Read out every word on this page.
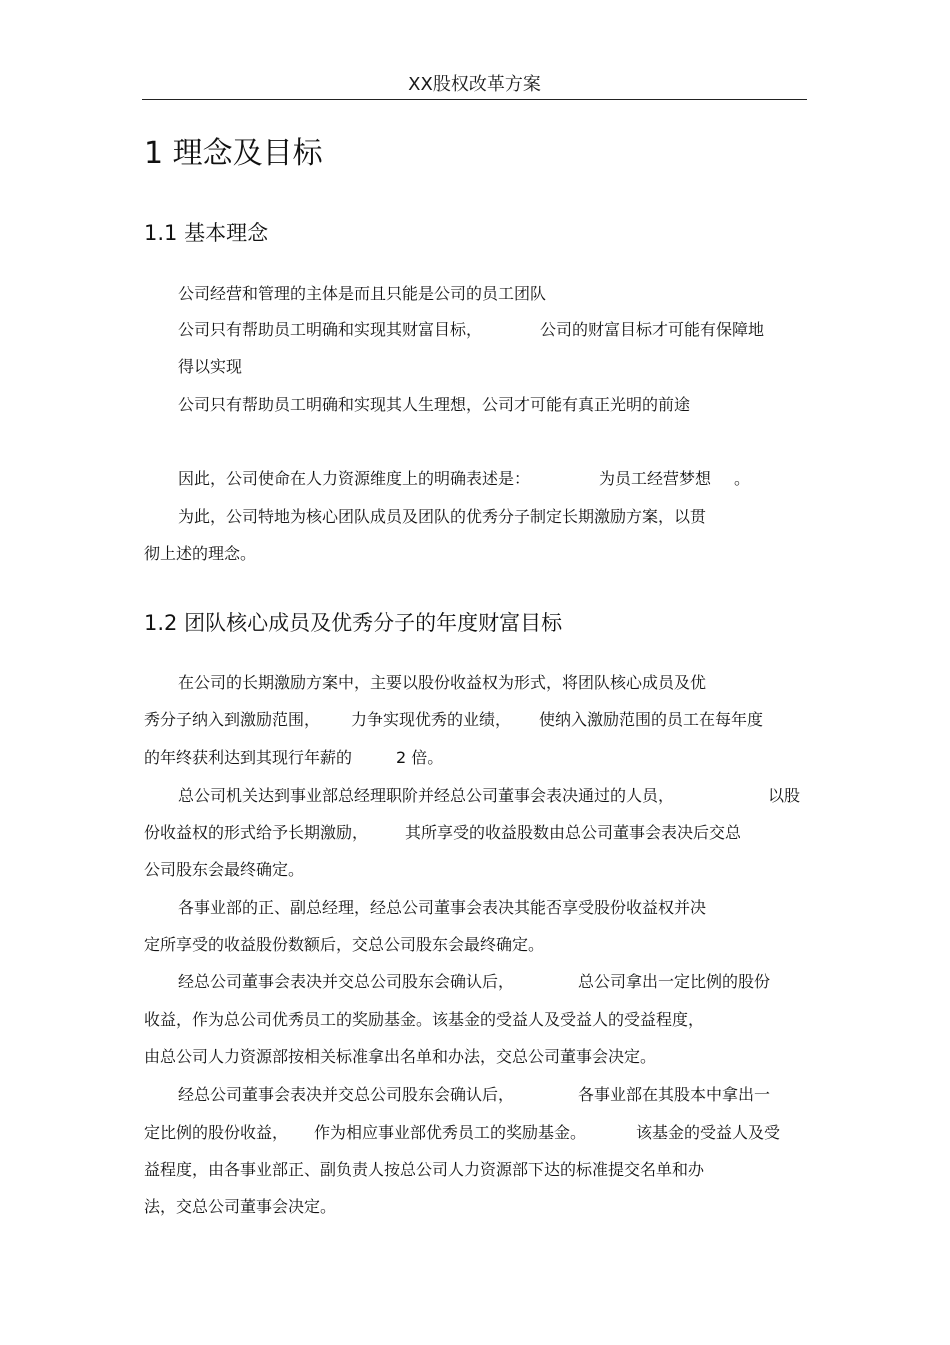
XX股权改革方案
1 理念及目标
1.1 基本理念
公司经营和管理的主体是而且只能是公司的员工团队
公司只有帮助员工明确和实现其财富目标，	公司的财富目标才可能有保障地
得以实现
公司只有帮助员工明确和实现其人生理想，公司才可能有真正光明的前途
因此，公司使命在人力资源维度上的明确表述是：	为员工经营梦想 。
为此，公司特地为核心团队成员及团队的优秀分子制定长期激励方案，以贯
彻上述的理念。
1.2 团队核心成员及优秀分子的年度财富目标
在公司的长期激励方案中，主要以股份收益权为形式，将团队核心成员及优
秀分子纳入到激励范围， 力争实现优秀的业绩， 使纳入激励范围的员工在每年度
的年终获利达到其现行年薪的	2 倍。
总公司机关达到事业部总经理职阶并经总公司董事会表决通过的人员，	以股
份收益权的形式给予长期激励， 其所享受的收益股数由总公司董事会表决后交总
公司股东会最终确定。
各事业部的正、副总经理，经总公司董事会表决其能否享受股份收益权并决
定所享受的收益股份数额后，交总公司股东会最终确定。
经总公司董事会表决并交总公司股东会确认后，	总公司拿出一定比例的股份
收益，作为总公司优秀员工的奖励基金。该基金的受益人及受益人的受益程度，
由总公司人力资源部按相关标准拿出名单和办法，交总公司董事会决定。
经总公司董事会表决并交总公司股东会确认后，	各事业部在其股本中拿出一
定比例的股份收益， 作为相应事业部优秀员工的奖励基金。	该基金的受益人及受
益程度，由各事业部正、副负责人按总公司人力资源部下达的标准提交名单和办
法，交总公司董事会决定。
